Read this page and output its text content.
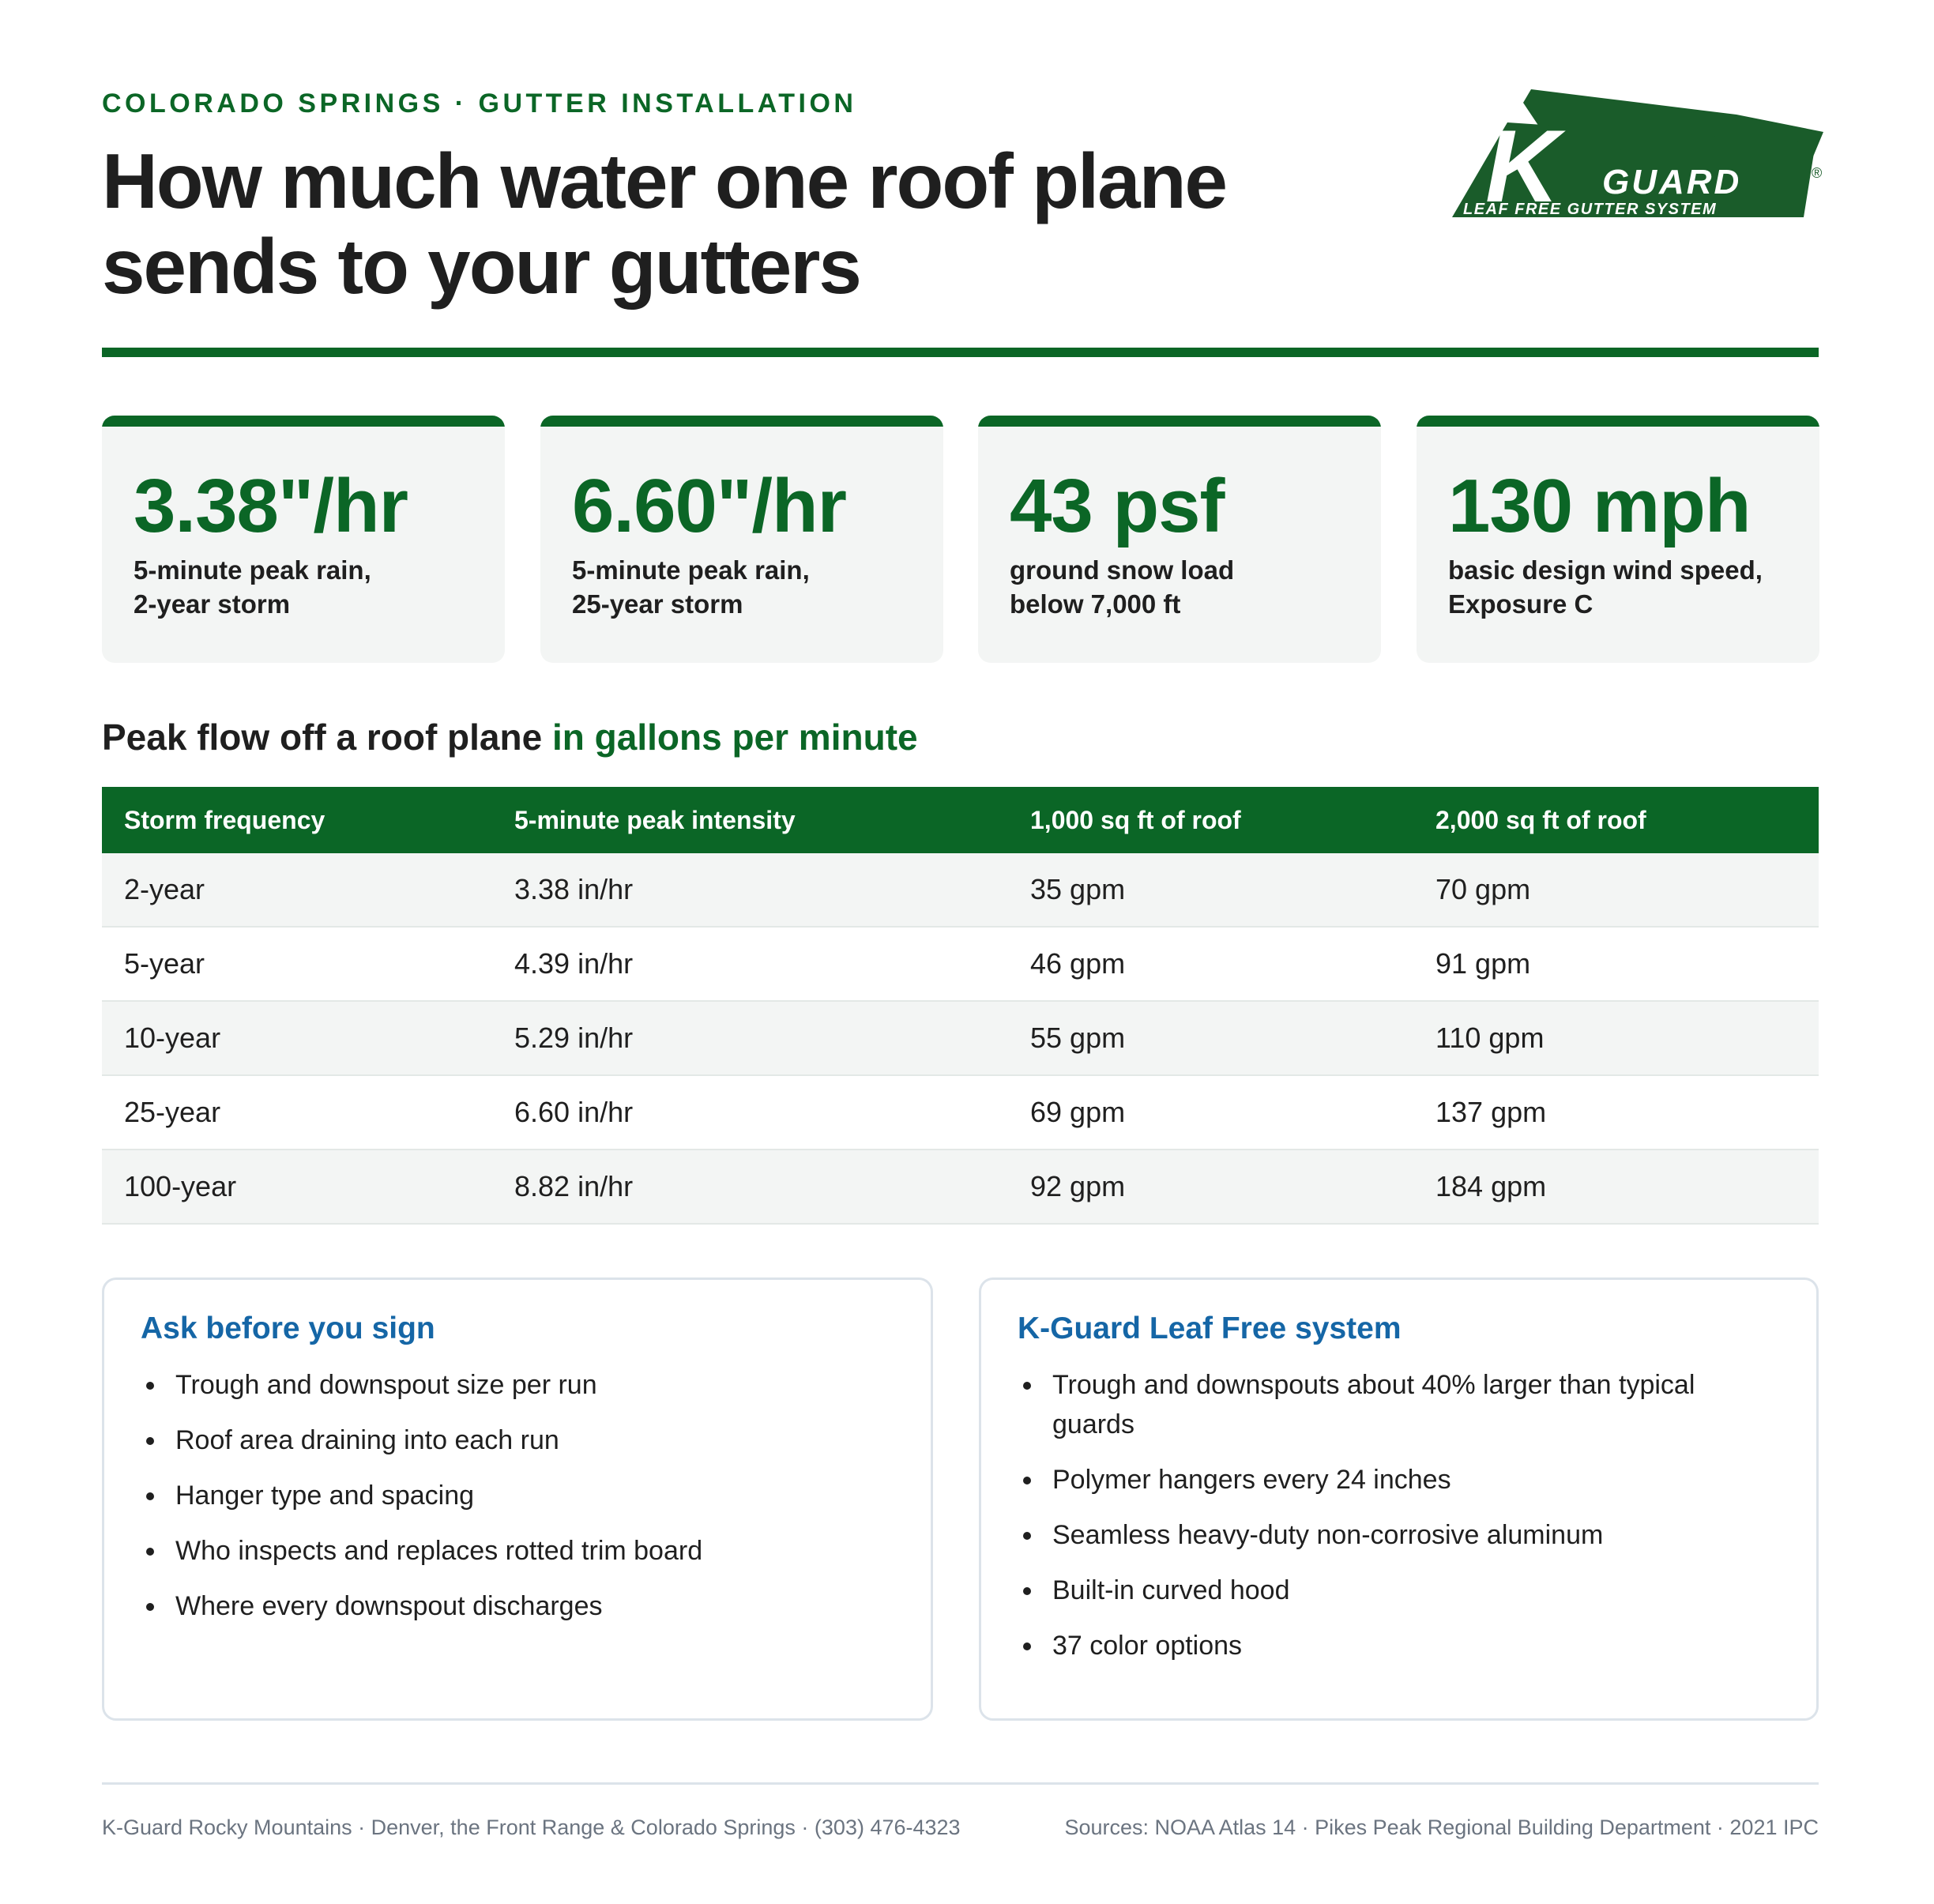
COLORADO SPRINGS · GUTTER INSTALLATION
How much water one roof plane sends to your gutters
K GUARD
LEAF FREE GUTTER SYSTEM
®
3.38"/hr
5-minute peak rain,
2-year storm
6.60"/hr
5-minute peak rain,
25-year storm
43 psf
ground snow load
below 7,000 ft
130 mph
basic design wind speed,
Exposure C
Peak flow off a roof plane in gallons per minute
Storm frequency	5-minute peak intensity	1,000 sq ft of roof	2,000 sq ft of roof
2-year	3.38 in/hr	35 gpm	70 gpm
5-year	4.39 in/hr	46 gpm	91 gpm
10-year	5.29 in/hr	55 gpm	110 gpm
25-year	6.60 in/hr	69 gpm	137 gpm
100-year	8.82 in/hr	92 gpm	184 gpm
Ask before you sign
Trough and downspout size per run
Roof area draining into each run
Hanger type and spacing
Who inspects and replaces rotted trim board
Where every downspout discharges
K-Guard Leaf Free system
Trough and downspouts about 40% larger than typical guards
Polymer hangers every 24 inches
Seamless heavy-duty non-corrosive aluminum
Built-in curved hood
37 color options
K-Guard Rocky Mountains · Denver, the Front Range & Colorado Springs · (303) 476-4323	Sources: NOAA Atlas 14 · Pikes Peak Regional Building Department · 2021 IPC
